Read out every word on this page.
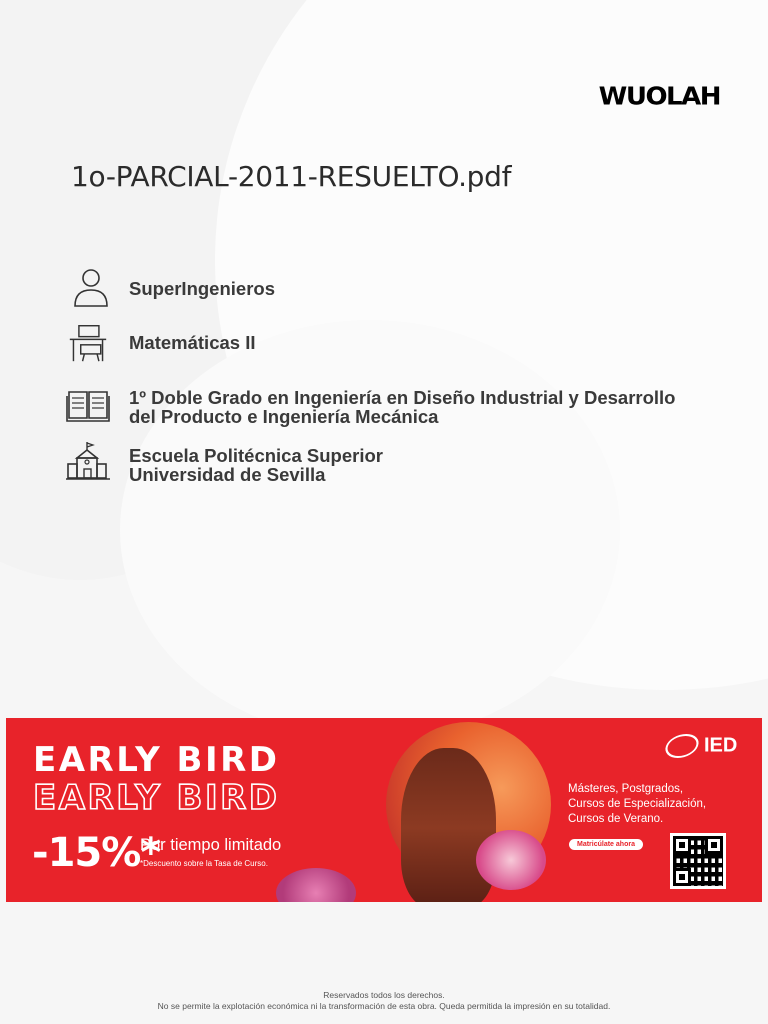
WUOLAH
1o-PARCIAL-2011-RESUELTO.pdf
SuperIngenieros
Matemáticas II
1º Doble Grado en Ingeniería en Diseño Industrial y Desarrollo
del Producto e Ingeniería Mecánica
Escuela Politécnica Superior
Universidad de Sevilla
EARLY BIRD
EARLY BIRD
-15%*
Por tiempo limitado
*Descuento sobre la Tasa de Curso.
IED
Másteres, Postgrados,
Cursos de Especialización,
Cursos de Verano.
Matricúlate ahora
Reservados todos los derechos.
No se permite la explotación económica ni la transformación de esta obra. Queda permitida la impresión en su totalidad.
